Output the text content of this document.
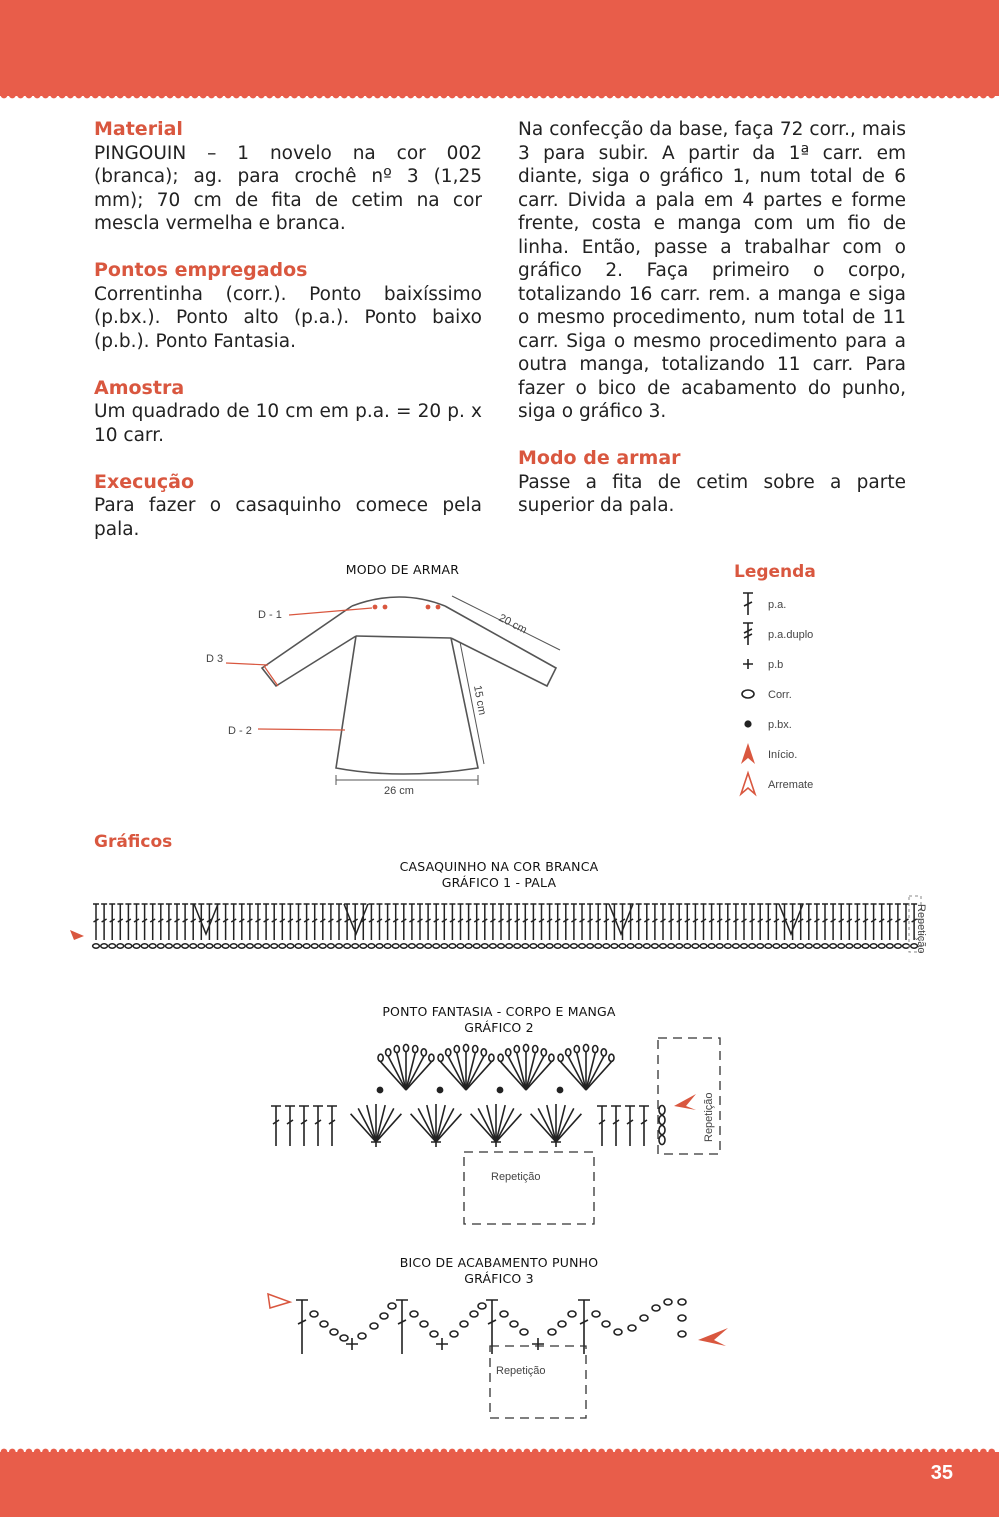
35
Material

PINGOUIN – 1 novelo na cor 002 (branca); ag. para crochê nº 3 (1,25 mm); 70 cm de fita de cetim na cor mescla vermelha e branca.

Pontos empregados

Correntinha (corr.). Ponto baixíssimo (p.bx.). Ponto alto (p.a.). Ponto baixo (p.b.). Ponto Fantasia.

Amostra

Um quadrado de 10 cm em p.a. = 20 p. x 10 carr.

Execução

Para fazer o casaquinho comece pela pala.

Na confecção da base, faça 72 corr., mais 3 para subir. A partir da 1ª carr. em diante, siga o gráfico 1, num total de 6 carr. Divida a pala em 4 partes e forme frente, costa e manga com um fio de linha. Então, passe a trabalhar com o gráfico 2. Faça primeiro o corpo, totalizando 16 carr. rem. a manga e siga o mesmo procedimento, num total de 11 carr. Siga o mesmo procedimento para a outra manga, totalizando 11 carr. Para fazer o bico de acabamento do punho, siga o gráfico 3.

Modo de armar

Passe a fita de cetim sobre a parte superior da pala.

MODO DE ARMAR
D - 1
D 3
D - 2
20 cm
15 cm
26 cm
Legenda
p.a.
p.a.duplo
p.b
Corr.
p.bx.
Início.
Arremate
Gráficos
CASAQUINHO NA COR BRANCA
GRÁFICO 1 - PALA
Repetição
PONTO FANTASIA - CORPO E MANGA
GRÁFICO 2
Repetição
Repetição
BICO DE ACABAMENTO PUNHO
GRÁFICO 3
Repetição
